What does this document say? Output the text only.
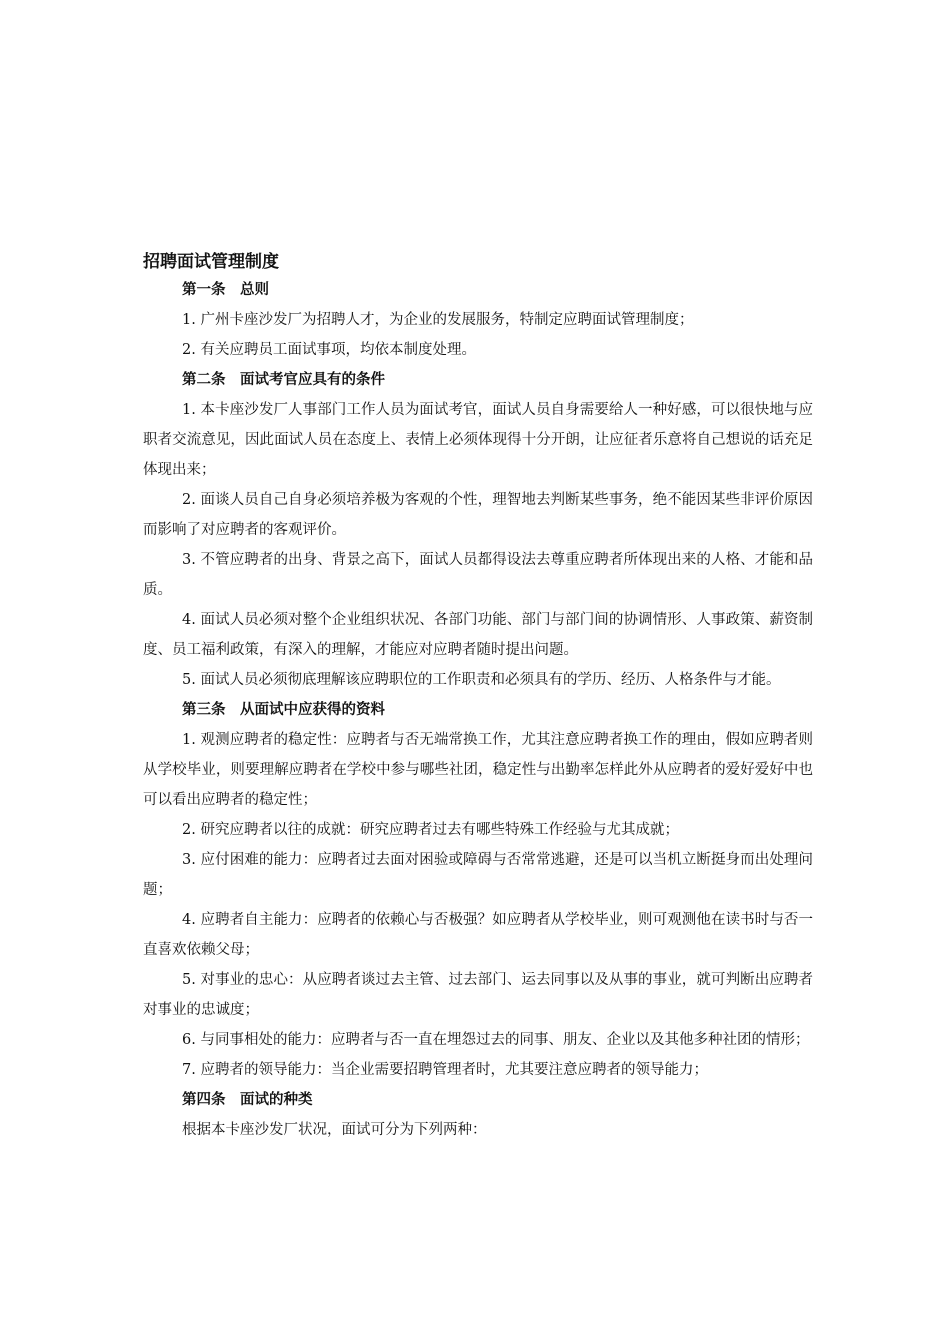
招聘面试管理制度
第一条　总则
1. 广州卡座沙发厂为招聘人才，为企业的发展服务，特制定应聘面试管理制度；
2. 有关应聘员工面试事项，均依本制度处理。
第二条　面试考官应具有的条件
1. 本卡座沙发厂人事部门工作人员为面试考官，面试人员自身需要给人一种好感，可以很快地与应职者交流意见，因此面试人员在态度上、表情上必须体现得十分开朗，让应征者乐意将自己想说的话充足体现出来；
2. 面谈人员自己自身必须培养极为客观的个性，理智地去判断某些事务，绝不能因某些非评价原因而影响了对应聘者的客观评价。
3. 不管应聘者的出身、背景之高下，面试人员都得设法去尊重应聘者所体现出来的人格、才能和品质。
4. 面试人员必须对整个企业组织状况、各部门功能、部门与部门间的协调情形、人事政策、薪资制度、员工福利政策，有深入的理解，才能应对应聘者随时提出问题。
5. 面试人员必须彻底理解该应聘职位的工作职责和必须具有的学历、经历、人格条件与才能。
第三条　从面试中应获得的资料
1. 观测应聘者的稳定性：应聘者与否无端常换工作，尤其注意应聘者换工作的理由，假如应聘者则从学校毕业，则要理解应聘者在学校中参与哪些社团，稳定性与出勤率怎样此外从应聘者的爱好爱好中也可以看出应聘者的稳定性；
2. 研究应聘者以往的成就：研究应聘者过去有哪些特殊工作经验与尤其成就；
3. 应付困难的能力：应聘者过去面对困验或障碍与否常常逃避，还是可以当机立断挺身而出处理问题；
4. 应聘者自主能力：应聘者的依赖心与否极强？如应聘者从学校毕业，则可观测他在读书时与否一直喜欢依赖父母；
5. 对事业的忠心：从应聘者谈过去主管、过去部门、运去同事以及从事的事业，就可判断出应聘者对事业的忠诚度；
6. 与同事相处的能力：应聘者与否一直在埋怨过去的同事、朋友、企业以及其他多种社团的情形；
7. 应聘者的领导能力：当企业需要招聘管理者时，尤其要注意应聘者的领导能力；
第四条　面试的种类
根据本卡座沙发厂状况，面试可分为下列两种：
